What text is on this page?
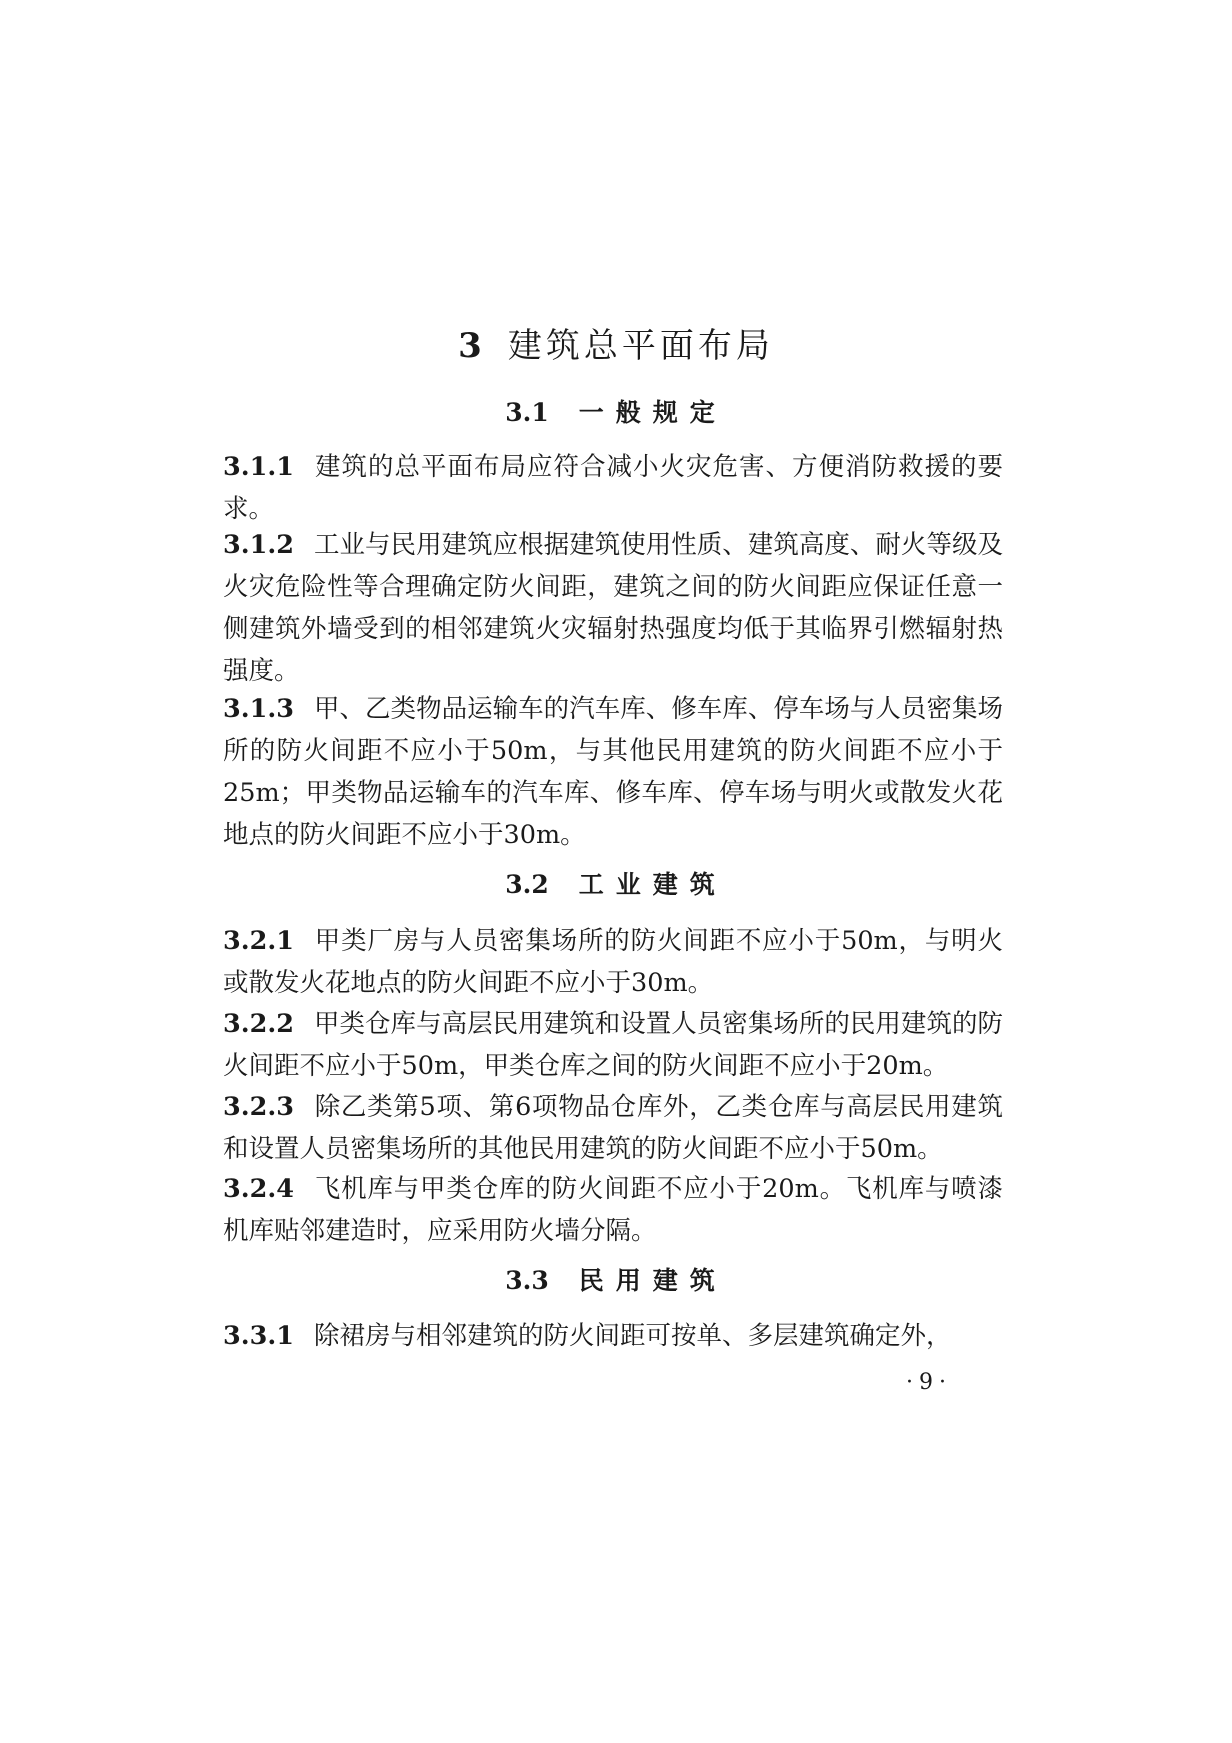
3 建筑总平面布局
3.1 一般规定
3.1.1 建筑的总平面布局应符合减小火灾危害、方便消防救援的要求。
3.1.2 工业与民用建筑应根据建筑使用性质、建筑高度、耐火等级及火灾危险性等合理确定防火间距，建筑之间的防火间距应保证任意一侧建筑外墙受到的相邻建筑火灾辐射热强度均低于其临界引燃辐射热强度。
3.1.3 甲、乙类物品运输车的汽车库、修车库、停车场与人员密集场所的防火间距不应小于50m，与其他民用建筑的防火间距不应小于25m；甲类物品运输车的汽车库、修车库、停车场与明火或散发火花地点的防火间距不应小于30m。
3.2 工业建筑
3.2.1 甲类厂房与人员密集场所的防火间距不应小于50m，与明火或散发火花地点的防火间距不应小于30m。
3.2.2 甲类仓库与高层民用建筑和设置人员密集场所的民用建筑的防火间距不应小于50m，甲类仓库之间的防火间距不应小于20m。
3.2.3 除乙类第5项、第6项物品仓库外，乙类仓库与高层民用建筑和设置人员密集场所的其他民用建筑的防火间距不应小于50m。
3.2.4 飞机库与甲类仓库的防火间距不应小于20m。飞机库与喷漆机库贴邻建造时，应采用防火墙分隔。
3.3 民用建筑
3.3.1 除裙房与相邻建筑的防火间距可按单、多层建筑确定外，
·9·
